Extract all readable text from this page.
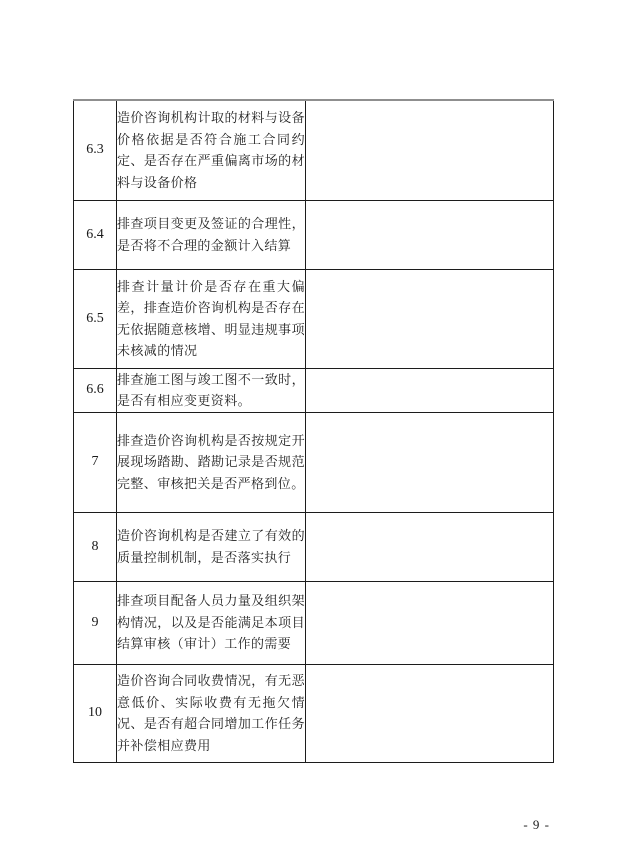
6.3	造价咨询机构计取的材料与设备价格依据是否符合施工合同约定、是否存在严重偏离市场的材料与设备价格	
6.4	排查项目变更及签证的合理性，是否将不合理的金额计入结算	
6.5	排查计量计价是否存在重大偏差，排查造价咨询机构是否存在无依据随意核增、明显违规事项未核减的情况	
6.6	排查施工图与竣工图不一致时，是否有相应变更资料。	
7	排查造价咨询机构是否按规定开展现场踏勘、踏勘记录是否规范完整、审核把关是否严格到位。	
8	造价咨询机构是否建立了有效的质量控制机制，是否落实执行	
9	排查项目配备人员力量及组织架构情况，以及是否能满足本项目结算审核（审计）工作的需要	
10	造价咨询合同收费情况，有无恶意低价、实际收费有无拖欠情况、是否有超合同增加工作任务并补偿相应费用	
- 9 -
